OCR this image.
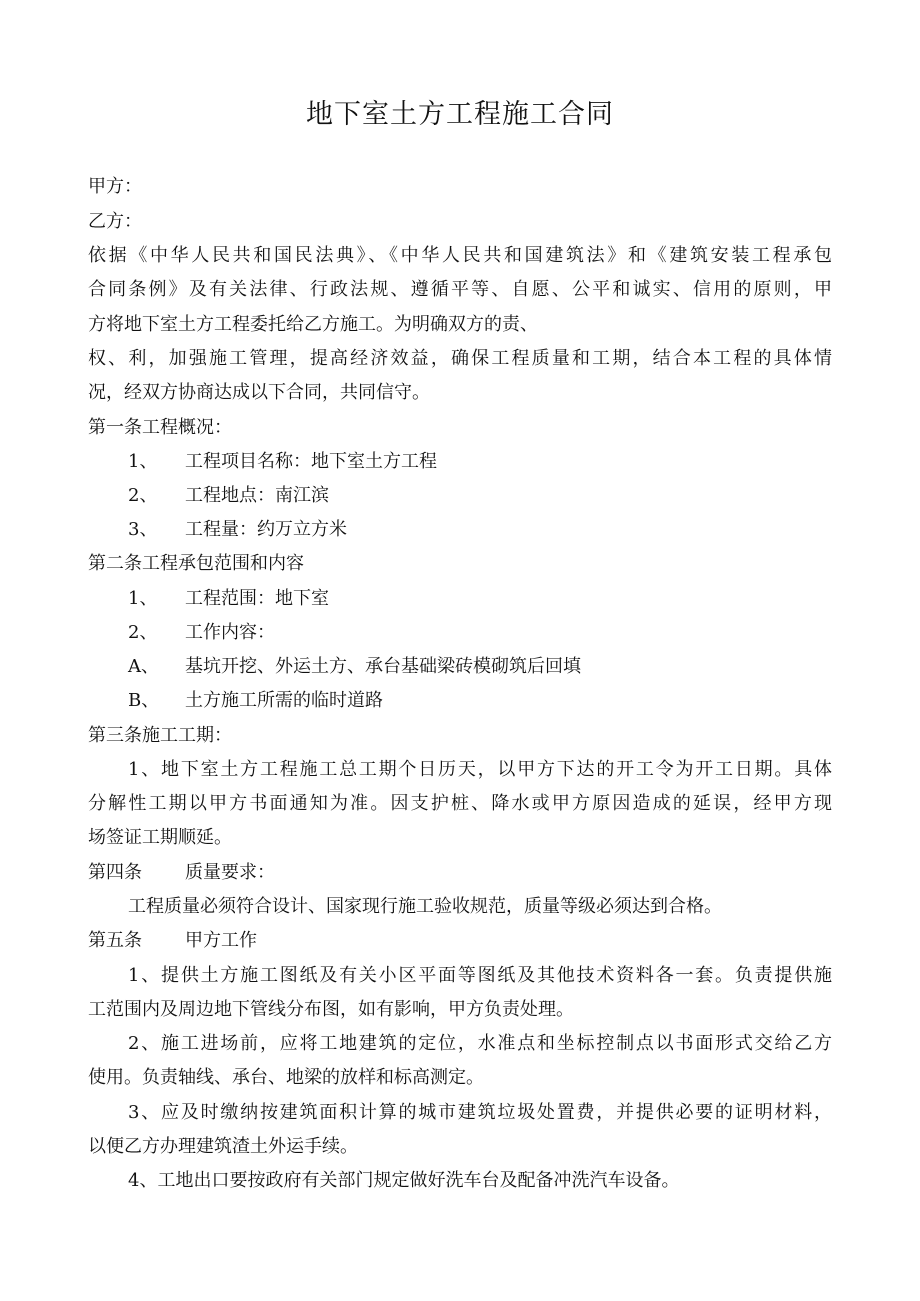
地下室土方工程施工合同
甲方：
乙方：
依据《中华人民共和国民法典》、《中华人民共和国建筑法》和《建筑安装工程承包
合同条例》及有关法律、行政法规、遵循平等、自愿、公平和诚实、信用的原则，甲
方将地下室土方工程委托给乙方施工。为明确双方的责、
权、利，加强施工管理，提高经济效益，确保工程质量和工期，结合本工程的具体情
况，经双方协商达成以下合同，共同信守。
第一条工程概况：
1、 工程项目名称：地下室土方工程
2、 工程地点：南江滨
3、 工程量：约万立方米
第二条工程承包范围和内容
1、 工程范围：地下室
2、 工作内容：
A、 基坑开挖、外运土方、承台基础梁砖模砌筑后回填
B、 土方施工所需的临时道路
第三条施工工期：
1、地下室土方工程施工总工期个日历天，以甲方下达的开工令为开工日期。具体
分解性工期以甲方书面通知为准。因支护桩、降水或甲方原因造成的延误，经甲方现
场签证工期顺延。
第四条 质量要求：
工程质量必须符合设计、国家现行施工验收规范，质量等级必须达到合格。
第五条 甲方工作
1、提供土方施工图纸及有关小区平面等图纸及其他技术资料各一套。负责提供施
工范围内及周边地下管线分布图，如有影响，甲方负责处理。
2、施工进场前，应将工地建筑的定位，水准点和坐标控制点以书面形式交给乙方
使用。负责轴线、承台、地梁的放样和标高测定。
3、应及时缴纳按建筑面积计算的城市建筑垃圾处置费，并提供必要的证明材料，
以便乙方办理建筑渣土外运手续。
4、工地出口要按政府有关部门规定做好洗车台及配备冲洗汽车设备。
